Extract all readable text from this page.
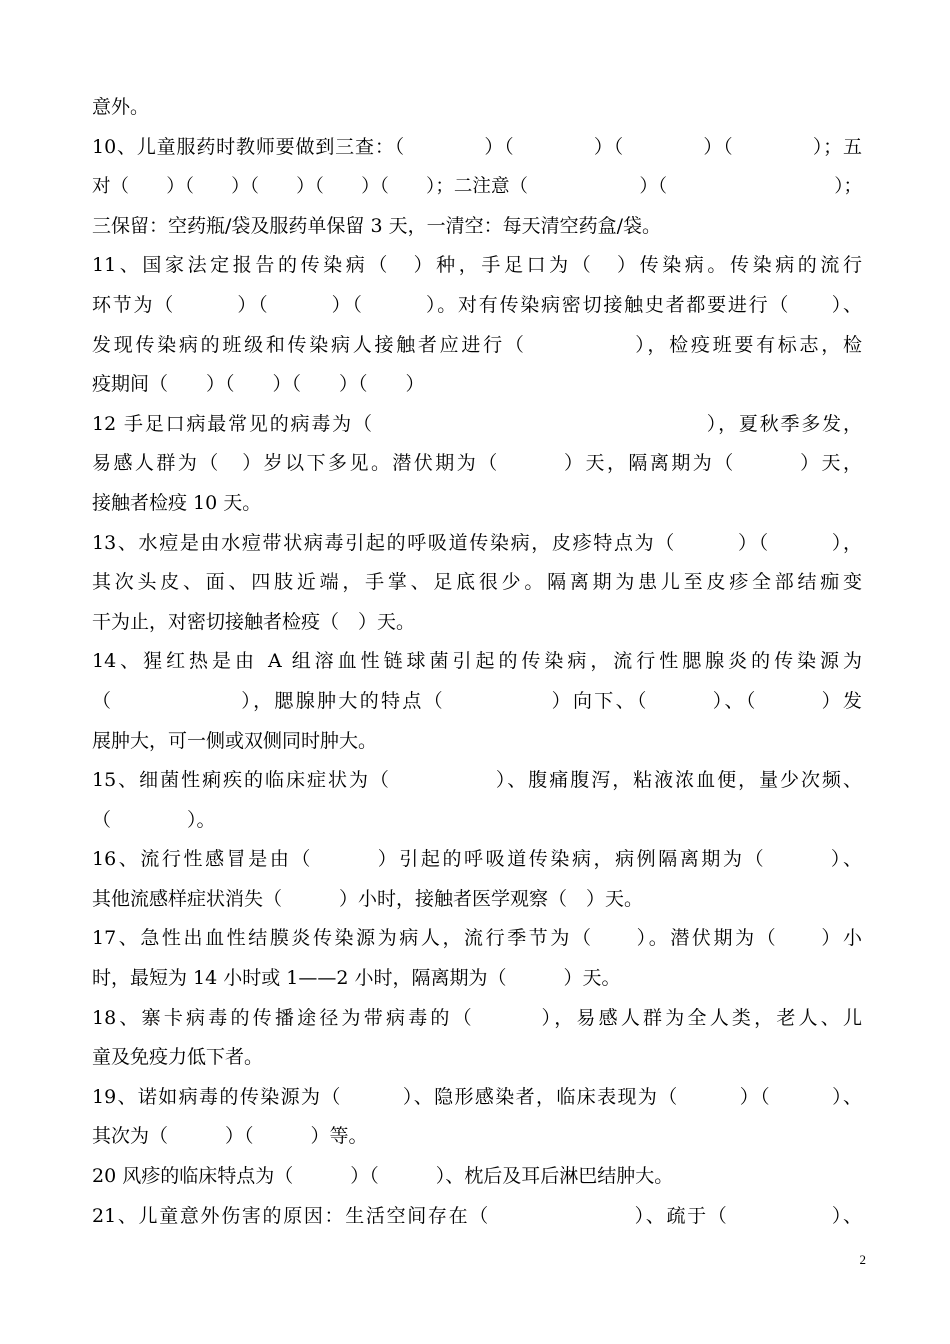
意外。
10、儿童服药时教师要做到三查：（　　　　）（　　　　）（　　　　）（　　　　）；五
对（　　）（　　）（　　）（　　）（　　）；二注意（　　　　　　）（　　　　　　　　　）；
三保留：空药瓶/袋及服药单保留 3 天，一清空：每天清空药盒/袋。
11、国家法定报告的传染病（　）种，手足口为（　）传染病。传染病的流行
环节为（　　　）（　　　）（　　　）。对有传染病密切接触史者都要进行（　　）、
发现传染病的班级和传染病人接触者应进行（　　　　　），检疫班要有标志，检
疫期间（　　）（　　）（　　）（　　）
12 手足口病最常见的病毒为（　　　　　　　　　　　　　　　　），夏秋季多发，
易感人群为（　）岁以下多见。潜伏期为（　　　）天，隔离期为（　　　）天，
接触者检疫 10 天。
13、水痘是由水痘带状病毒引起的呼吸道传染病，皮疹特点为（　　　）（　　　），
其次头皮、面、四肢近端，手掌、足底很少。隔离期为患儿至皮疹全部结痂变
干为止，对密切接触者检疫（　）天。
14、猩红热是由 A 组溶血性链球菌引起的传染病，流行性腮腺炎的传染源为
（　　　　　　），腮腺肿大的特点（　　　　　）向下、（　　　）、（　　　）发
展肿大，可一侧或双侧同时肿大。
15、细菌性痢疾的临床症状为（　　　　　）、腹痛腹泻，粘液浓血便，量少次频、
（　　　　）。
16、流行性感冒是由（　　　）引起的呼吸道传染病，病例隔离期为（　　　）、
其他流感样症状消失（　　　）小时，接触者医学观察（　）天。
17、急性出血性结膜炎传染源为病人，流行季节为（　　）。潜伏期为（　　）小
时，最短为 14 小时或 1——2 小时，隔离期为（　　　）天。
18、寨卡病毒的传播途径为带病毒的（　　　），易感人群为全人类，老人、儿
童及免疫力低下者。
19、诺如病毒的传染源为（　　　）、隐形感染者，临床表现为（　　　）（　　　）、
其次为（　　　）（　　　）等。
20 风疹的临床特点为（　　　）（　　　）、枕后及耳后淋巴结肿大。
21、儿童意外伤害的原因：生活空间存在（　　　　　　　）、疏于（　　　　　）、
2
